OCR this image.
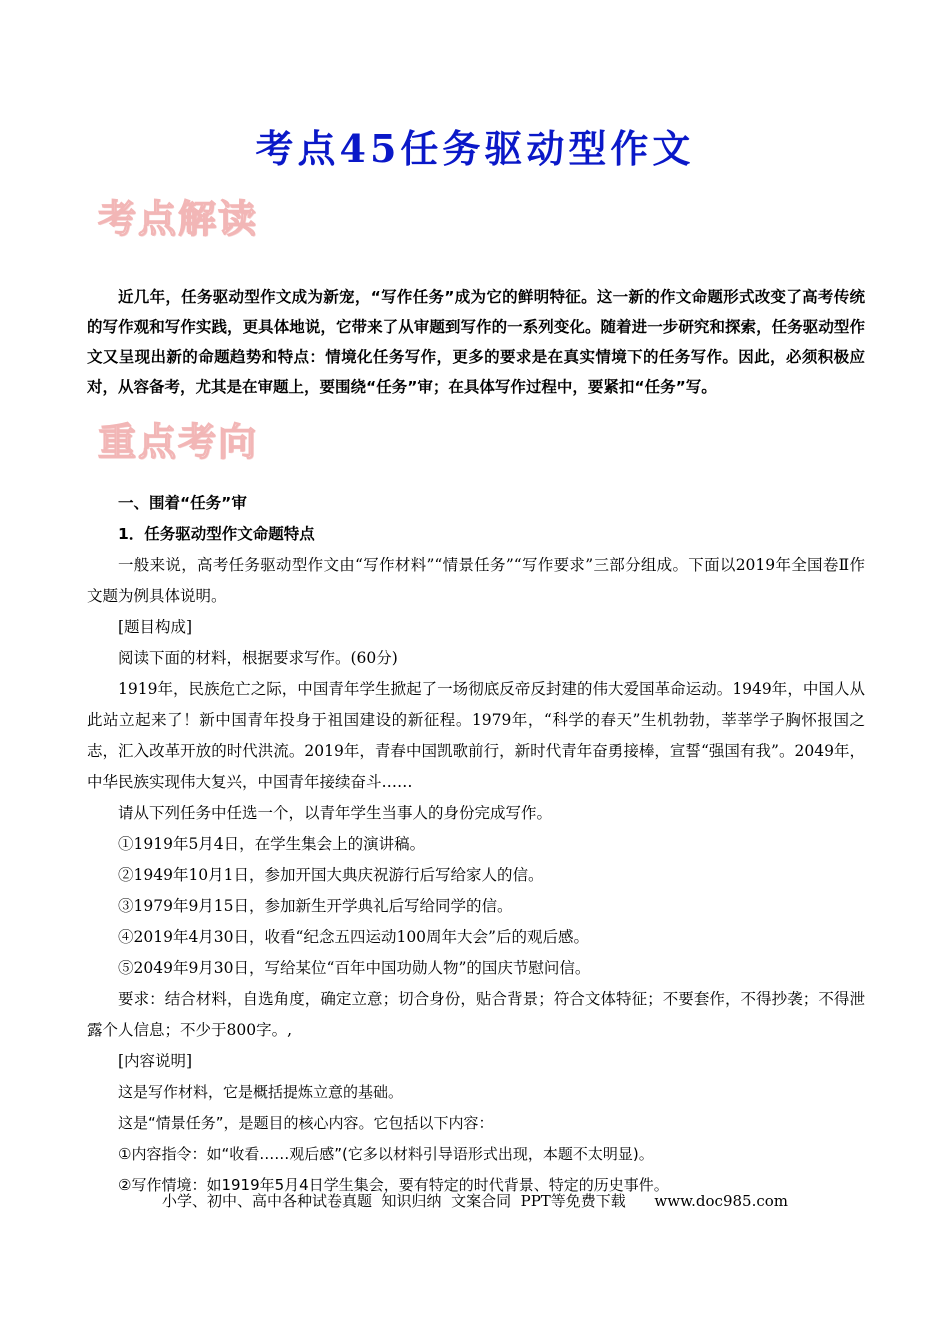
考点45任务驱动型作文
考点解读

近几年，任务驱动型作文成为新宠，“写作任务”成为它的鲜明特征。这一新的作文命题形式改变了高考传统的写作观和写作实践，更具体地说，它带来了从审题到写作的一系列变化。随着进一步研究和探索，任务驱动型作文又呈现出新的命题趋势和特点：情境化任务写作，更多的要求是在真实情境下的任务写作。因此，必须积极应对，从容备考，尤其是在审题上，要围绕“任务”审；在具体写作过程中，要紧扣“任务”写。

重点考向

一、围着“任务”审

1．任务驱动型作文命题特点

一般来说，高考任务驱动型作文由“写作材料”“情景任务”“写作要求”三部分组成。下面以2019年全国卷Ⅱ作文题为例具体说明。

[题目构成]

阅读下面的材料，根据要求写作。(60分)

1919年，民族危亡之际，中国青年学生掀起了一场彻底反帝反封建的伟大爱国革命运动。1949年，中国人从此站立起来了！新中国青年投身于祖国建设的新征程。1979年，“科学的春天”生机勃勃，莘莘学子胸怀报国之志，汇入改革开放的时代洪流。2019年，青春中国凯歌前行，新时代青年奋勇接棒，宣誓“强国有我”。2049年，中华民族实现伟大复兴，中国青年接续奋斗……

请从下列任务中任选一个，以青年学生当事人的身份完成写作。

①1919年5月4日，在学生集会上的演讲稿。

②1949年10月1日，参加开国大典庆祝游行后写给家人的信。

③1979年9月15日，参加新生开学典礼后写给同学的信。

④2019年4月30日，收看“纪念五四运动100周年大会”后的观后感。

⑤2049年9月30日，写给某位“百年中国功勋人物”的国庆节慰问信。

要求：结合材料，自选角度，确定立意；切合身份，贴合背景；符合文体特征；不要套作，不得抄袭；不得泄露个人信息；不少于800字。,

[内容说明]

这是写作材料，它是概括提炼立意的基础。

这是“情景任务”，是题目的核心内容。它包括以下内容：

①内容指令：如“收看……观后感”(它多以材料引导语形式出现，本题不太明显)。

②写作情境：如1919年5月4日学生集会，要有特定的时代背景、特定的历史事件。

小学、初中、高中各种试卷真题  知识归纳  文案合同  PPT等免费下载      www.doc985.com
